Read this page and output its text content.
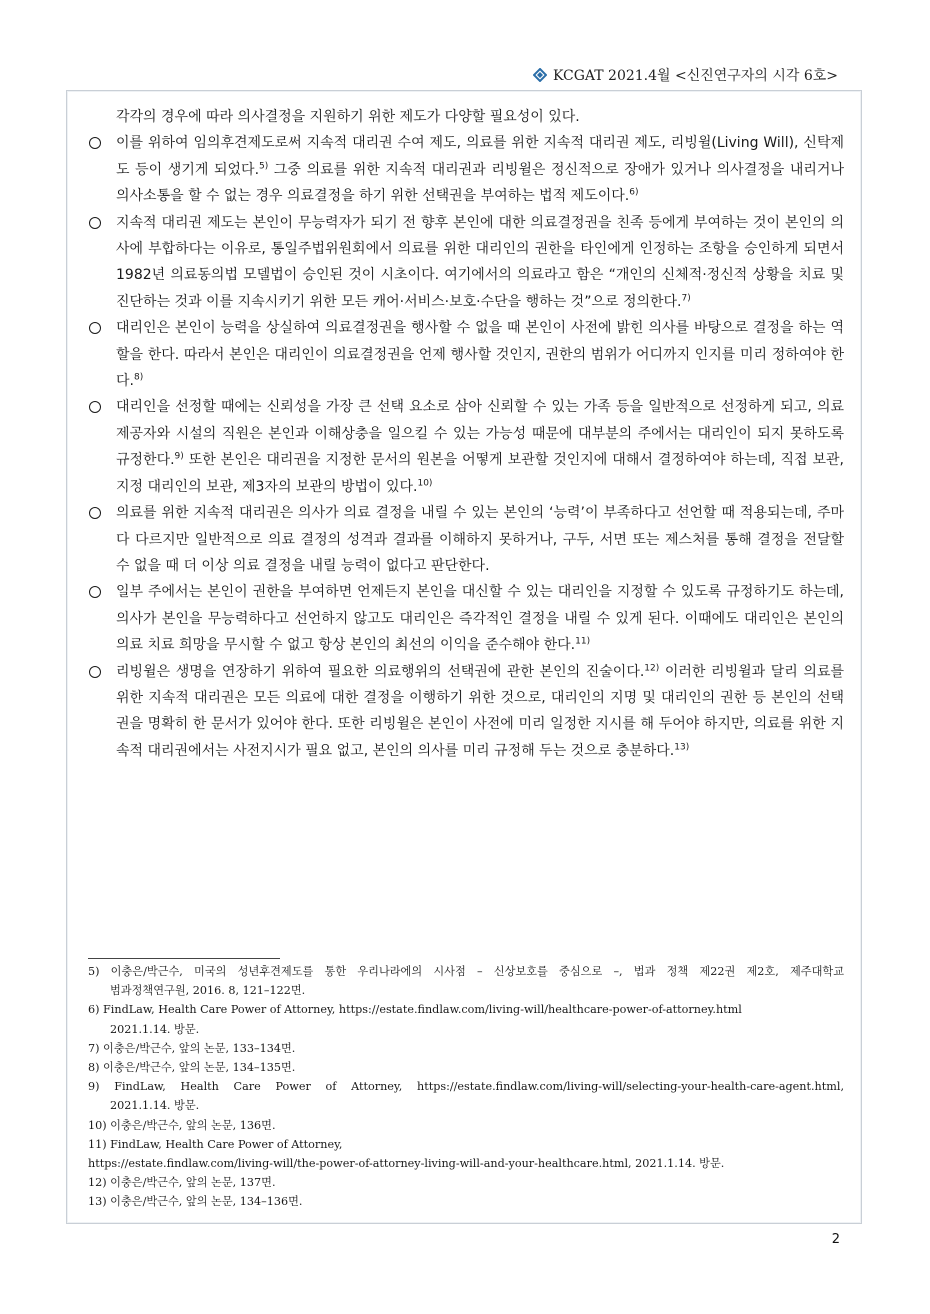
KCGAT 2021.4월 <신진연구자의 시각 6호>

각각의 경우에 따라 의사결정을 지원하기 위한 제도가 다양할 필요성이 있다.

이를 위하여 임의후견제도로써 지속적 대리권 수여 제도, 의료를 위한 지속적 대리권 제도, 리빙윌(Living Will), 신탁제도 등이 생기게 되었다.$^{5)}$ 그중 의료를 위한 지속적 대리권과 리빙윌은 정신적으로 장애가 있거나 의사결정을 내리거나 의사소통을 할 수 없는 경우 의료결정을 하기 위한 선택권을 부여하는 법적 제도이다.$^{6)}$

지속적 대리권 제도는 본인이 무능력자가 되기 전 향후 본인에 대한 의료결정권을 친족 등에게 부여하는 것이 본인의 의사에 부합하다는 이유로, 통일주법위원회에서 의료를 위한 대리인의 권한을 타인에게 인정하는 조항을 승인하게 되면서 1982년 의료동의법 모델법이 승인된 것이 시초이다. 여기에서의 의료라고 함은 “개인의 신체적·정신적 상황을 치료 및 진단하는 것과 이를 지속시키기 위한 모든 캐어·서비스·보호·수단을 행하는 것”으로 정의한다.$^{7)}$

대리인은 본인이 능력을 상실하여 의료결정권을 행사할 수 없을 때 본인이 사전에 밝힌 의사를 바탕으로 결정을 하는 역할을 한다. 따라서 본인은 대리인이 의료결정권을 언제 행사할 것인지, 권한의 범위가 어디까지 인지를 미리 정하여야 한다.$^{8)}$

대리인을 선정할 때에는 신뢰성을 가장 큰 선택 요소로 삼아 신뢰할 수 있는 가족 등을 일반적으로 선정하게 되고, 의료제공자와 시설의 직원은 본인과 이해상충을 일으킬 수 있는 가능성 때문에 대부분의 주에서는 대리인이 되지 못하도록 규정한다.$^{9)}$ 또한 본인은 대리권을 지정한 문서의 원본을 어떻게 보관할 것인지에 대해서 결정하여야 하는데, 직접 보관, 지정 대리인의 보관, 제3자의 보관의 방법이 있다.$^{10)}$

의료를 위한 지속적 대리권은 의사가 의료 결정을 내릴 수 있는 본인의 ‘능력’이 부족하다고 선언할 때 적용되는데, 주마다 다르지만 일반적으로 의료 결정의 성격과 결과를 이해하지 못하거나, 구두, 서면 또는 제스처를 통해 결정을 전달할 수 없을 때 더 이상 의료 결정을 내릴 능력이 없다고 판단한다.

일부 주에서는 본인이 권한을 부여하면 언제든지 본인을 대신할 수 있는 대리인을 지정할 수 있도록 규정하기도 하는데, 의사가 본인을 무능력하다고 선언하지 않고도 대리인은 즉각적인 결정을 내릴 수 있게 된다. 이때에도 대리인은 본인의 의료 치료 희망을 무시할 수 없고 항상 본인의 최선의 이익을 준수해야 한다.$^{11)}$

리빙윌은 생명을 연장하기 위하여 필요한 의료행위의 선택권에 관한 본인의 진술이다.$^{12)}$ 이러한 리빙윌과 달리 의료를 위한 지속적 대리권은 모든 의료에 대한 결정을 이행하기 위한 것으로, 대리인의 지명 및 대리인의 권한 등 본인의 선택권을 명확히 한 문서가 있어야 한다. 또한 리빙윌은 본인이 사전에 미리 일정한 지시를 해 두어야 하지만, 의료를 위한 지속적 대리권에서는 사전지시가 필요 없고, 본인의 의사를 미리 규정해 두는 것으로 충분하다.$^{13)}$

5) 이충은/박근수, 미국의 성년후견제도를 통한 우리나라에의 시사점 – 신상보호를 중심으로 –, 법과 정책 제22권 제2호, 제주대학교
범과정책연구원, 2016. 8, 121–122면.

6) FindLaw, Health Care Power of Attorney, https://estate.findlaw.com/living-will/healthcare-power-of-attorney.html
2021.1.14. 방문.

7) 이충은/박근수, 앞의 논문, 133–134면.

8) 이충은/박근수, 앞의 논문, 134–135면.

9) FindLaw, Health Care Power of Attorney, https://estate.findlaw.com/living-will/selecting-your-health-care-agent.html,
2021.1.14. 방문.

10) 이충은/박근수, 앞의 논문, 136면.

11) FindLaw, Health Care Power of Attorney,
https://estate.findlaw.com/living-will/the-power-of-attorney-living-will-and-your-healthcare.html, 2021.1.14. 방문.

12) 이충은/박근수, 앞의 논문, 137면.

13) 이충은/박근수, 앞의 논문, 134–136면.

2
